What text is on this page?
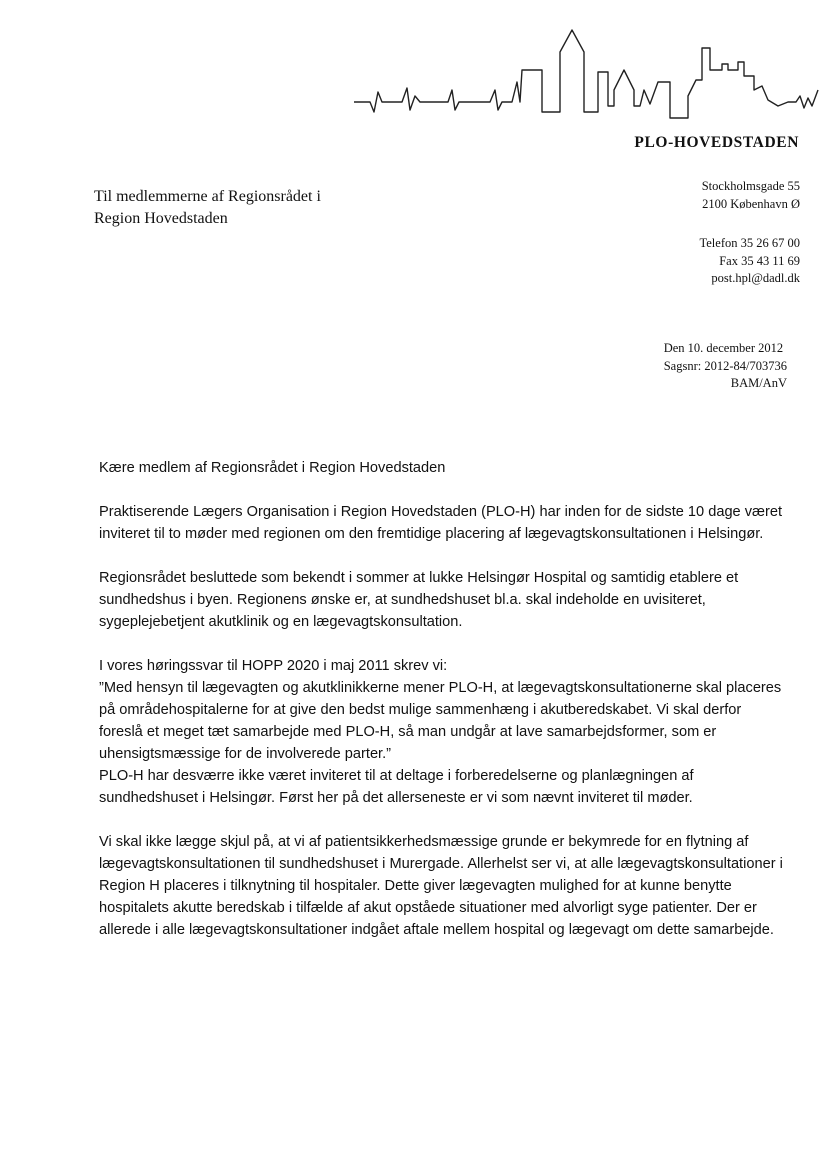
PLO-HOVEDSTADEN
Til medlemmerne af Regionsrådet i
Region Hovedstaden
Stockholmsgade 55
2100 København Ø
Telefon 35 26 67 00
Fax 35 43 11 69
post.hpl@dadl.dk
Den 10. december 2012
Sagsnr: 2012-84/703736
BAM/AnV

Kære medlem af Regionsrådet i Region Hovedstaden

Praktiserende Lægers Organisation i Region Hovedstaden (PLO-H) har inden for de sidste 10 dage været inviteret til to møder med regionen om den fremtidige placering af lægevagtskonsultationen i Helsingør.

Regionsrådet besluttede som bekendt i sommer at lukke Helsingør Hospital og samtidig etablere et sundhedshus i byen. Regionens ønske er, at sundhedshuset bl.a. skal indeholde en uvisiteret, sygeplejebetjent akutklinik og en lægevagtskonsultation.

I vores høringssvar til HOPP 2020 i maj 2011 skrev vi:
”Med hensyn til lægevagten og akutklinikkerne mener PLO-H, at lægevagtskonsultationerne skal placeres på områdehospitalerne for at give den bedst mulige sammenhæng i akutberedskabet. Vi skal derfor foreslå et meget tæt samarbejde med PLO-H, så man undgår at lave samarbejdsformer, som er uhensigtsmæssige for de involverede parter.”
PLO-H har desværre ikke været inviteret til at deltage i forberedelserne og planlægningen af sundhedshuset i Helsingør. Først her på det allerseneste er vi som nævnt inviteret til møder.

Vi skal ikke lægge skjul på, at vi af patientsikkerhedsmæssige grunde er bekymrede for en flytning af lægevagtskonsultationen til sundhedshuset i Murergade. Allerhelst ser vi, at alle lægevagtskonsultationer i Region H placeres i tilknytning til hospitaler. Dette giver lægevagten mulighed for at kunne benytte hospitalets akutte beredskab i tilfælde af akut opståede situationer med alvorligt syge patienter. Der er allerede i alle lægevagtskonsultationer indgået aftale mellem hospital og lægevagt om dette samarbejde.
